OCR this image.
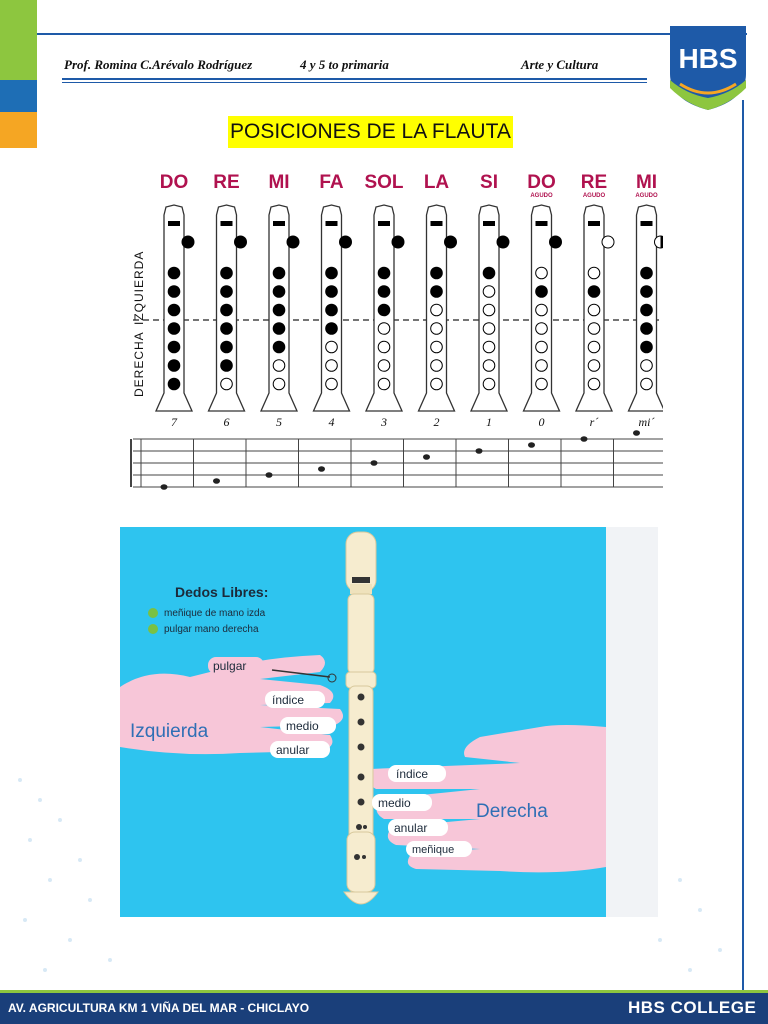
Prof. Romina C.Arévalo Rodríguez	4 y 5 to primaria	Arte y Cultura	HBS
POSICIONES DE LA FLAUTA
DO RE MI FA SOL LA SI DO
AGUDO
RE
AGUDO
MI
AGUDO
IZQUIERDA
DERECHA
7	6	5	4	3	2	1	0	r´	mi´
Dedos Libres:
meñique de mano izda
pulgar mano derecha
Izquierda
Derecha
pulgar
índice
medio
anular
índice
medio
anular
meñique
AV. AGRICULTURA KM 1 VIÑA DEL MAR - CHICLAYO	HBS COLLEGE
